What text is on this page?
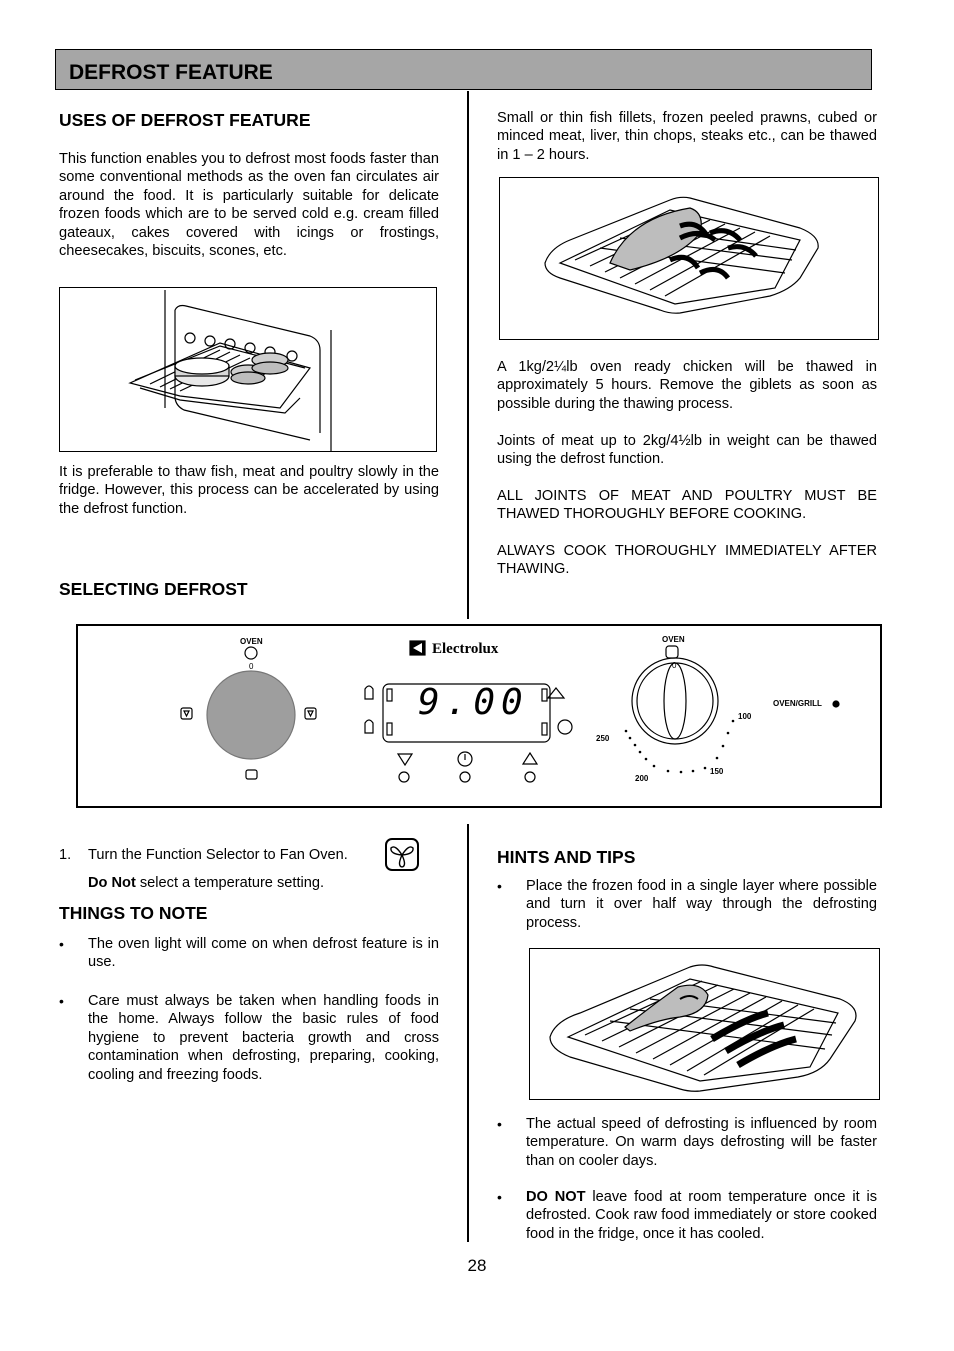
DEFROST FEATURE
USES OF DEFROST FEATURE

This function enables you to defrost most foods faster than some conventional methods as the oven fan circulates air around the food. It is particularly suitable for delicate frozen foods which are to be served cold e.g. cream filled gateaux, cakes covered with icings or frostings, cheesecakes, biscuits, scones, etc.

It is preferable to thaw fish, meat and poultry slowly in the fridge. However, this process can be accelerated by using the defrost function.

SELECTING DEFROST

Small or thin fish fillets, frozen peeled prawns, cubed or minced meat, liver, thin chops, steaks etc., can be thawed in 1 – 2 hours.

A 1kg/2¼lb oven ready chicken will be thawed in approximately 5 hours. Remove the giblets as soon as possible during the thawing process.

Joints of meat up to 2kg/4½lb in weight can be thawed using the defrost function.

ALL JOINTS OF MEAT AND POULTRY MUST BE THAWED THOROUGHLY BEFORE COOKING.

ALWAYS COOK THOROUGHLY IMMEDIATELY AFTER THAWING.

OVEN	OVEN
0	0
Electrolux
9.00	OVEN/GRILL
100
150
200
250
1. Turn the Function Selector to Fan Oven.
Do Not select a temperature setting.
THINGS TO NOTE
• The oven light will come on when defrost feature is in use.
• Care must always be taken when handling foods in the home. Always follow the basic rules of food hygiene to prevent bacteria growth and cross contamination when defrosting, preparing, cooking, cooling and freezing foods.
HINTS AND TIPS
• Place the frozen food in a single layer where possible and turn it over half way through the defrosting process.
• The actual speed of defrosting is influenced by room temperature. On warm days defrosting will be faster than on cooler days.
• DO NOT leave food at room temperature once it is defrosted. Cook raw food immediately or store cooked food in the fridge, once it has cooled.
28
